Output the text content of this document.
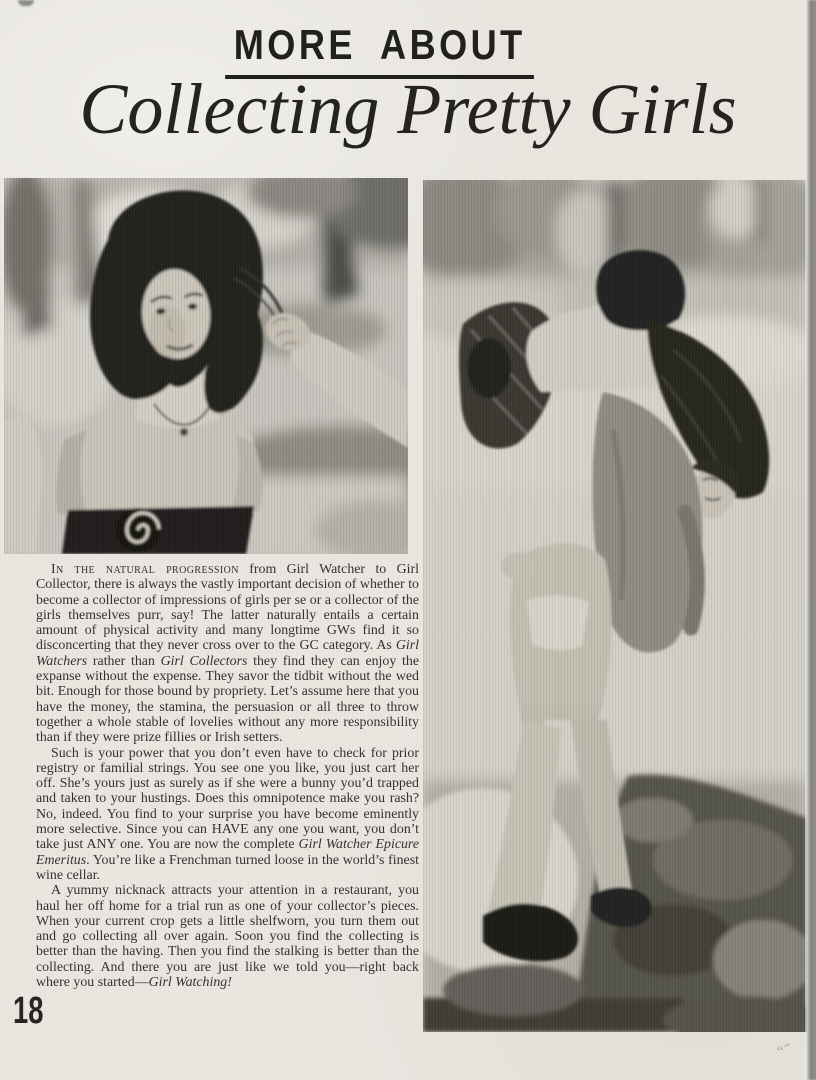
MORE ABOUT
Collecting Pretty Girls

In the natural progression from Girl Watcher to Girl Collector, there is always the vastly important decision of whether to become a collector of impressions of girls per se or a collector of the girls themselves purr, say! The latter naturally entails a certain amount of physical activity and many longtime GWs find it so disconcerting that they never cross over to the GC category. As Girl Watchers rather than Girl Collectors they find they can enjoy the expanse without the expense. They savor the tidbit without the wed bit. Enough for those bound by propriety. Let’s assume here that you have the money, the stamina, the persuasion or all three to throw together a whole stable of lovelies without any more responsibility than if they were prize fillies or Irish setters.

Such is your power that you don’t even have to check for prior registry or familial strings. You see one you like, you just cart her off. She’s yours just as surely as if she were a bunny you’d trapped and taken to your hustings. Does this omnipotence make you rash? No, indeed. You find to your surprise you have become eminently more selective. Since you can HAVE any one you want, you don’t take just ANY one. You are now the complete Girl Watcher Epicure Emeritus. You’re like a Frenchman turned loose in the world’s finest wine cellar.

A yummy nicknack attracts your attention in a restaurant, you haul her off home for a trial run as one of your collector’s pieces. When your current crop gets a little shelfworn, you turn them out and go collecting all over again. Soon you find the collecting is better than the having. Then you find the stalking is better than the collecting. And there you are just like we told you—right back where you started—Girl Watching!

18
“˝
